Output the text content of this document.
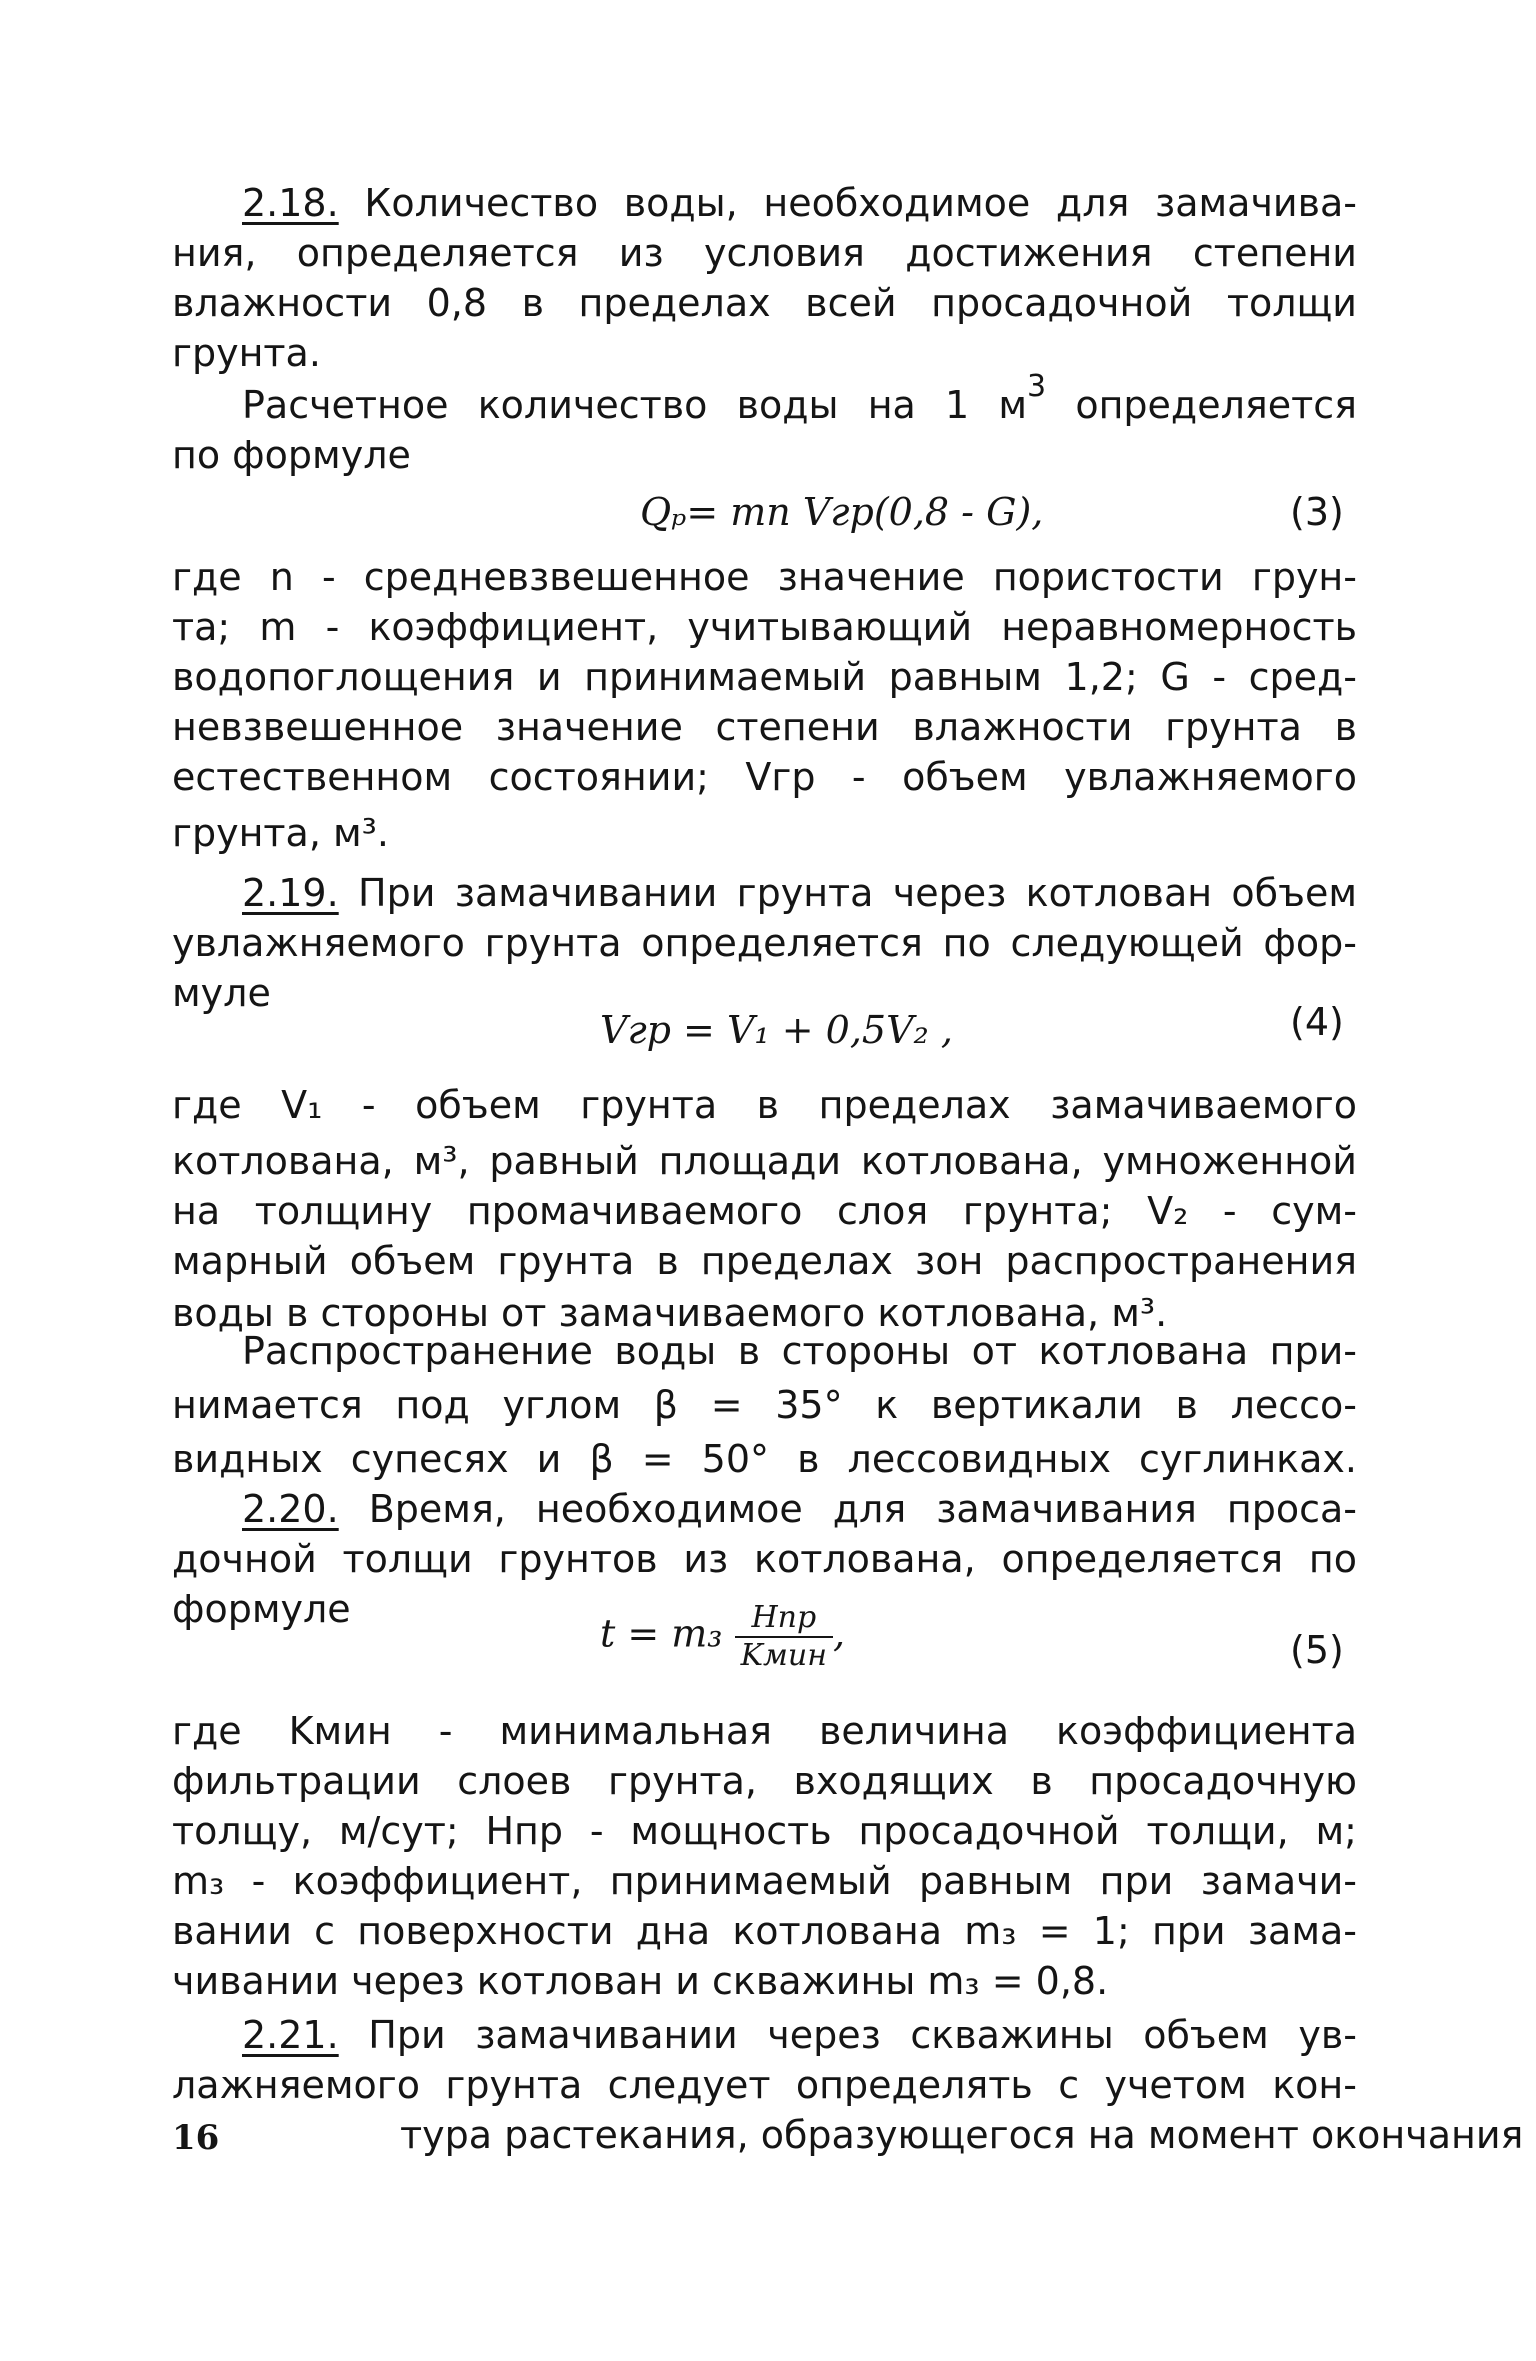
2.18. Количество воды, необходимое для замачива-
ния, определяется из условия достижения степени
влажности 0,8 в пределах всей просадочной толщи
грунта.
Расчетное количество воды на 1 $м^3$ определяется
по формуле
Qₚ= mn Vгр(0,8 - G),	(3)
где n - средневзвешенное значение пористости грун-
та; m - коэффициент, учитывающий неравномерность
водопоглощения и принимаемый равным 1,2; G - сред-
невзвешенное значение степени влажности грунта в
естественном состоянии; Vгр - объем увлажняемого
грунта, м³.
2.19. При замачивании грунта через котлован объем
увлажняемого грунта определяется по следующей фор-
муле
Vгр = V₁ + 0,5V₂ ,	(4)
где V₁ - объем грунта в пределах замачиваемого
котлована, м³, равный площади котлована, умноженной
на толщину промачиваемого слоя грунта; V₂ - сум-
марный объем грунта в пределах зон распространения
воды в стороны от замачиваемого котлована, м³.
Распространение воды в стороны от котлована при-
нимается под углом β = 35° к вертикали в лессо-
видных супесях и β = 50° в лессовидных суглинках.
2.20. Время, необходимое для замачивания проса-
дочной толщи грунтов из котлована, определяется по
формуле
$t = m_3 \frac{\text{Hпр}}{\text{Kмин}}$ ,	(5)
где Kмин - минимальная величина коэффициента
фильтрации слоев грунта, входящих в просадочную
толщу, м/сут; Hпр - мощность просадочной толщи, м;
m₃ - коэффициент, принимаемый равным при замачи-
вании с поверхности дна котлована m₃ = 1; при зама-
чивании через котлован и скважины m₃ = 0,8.
2.21. При замачивании через скважины объем ув-
лажняемого грунта следует определять с учетом кон-
тура растекания, образующегося на момент окончания
16
